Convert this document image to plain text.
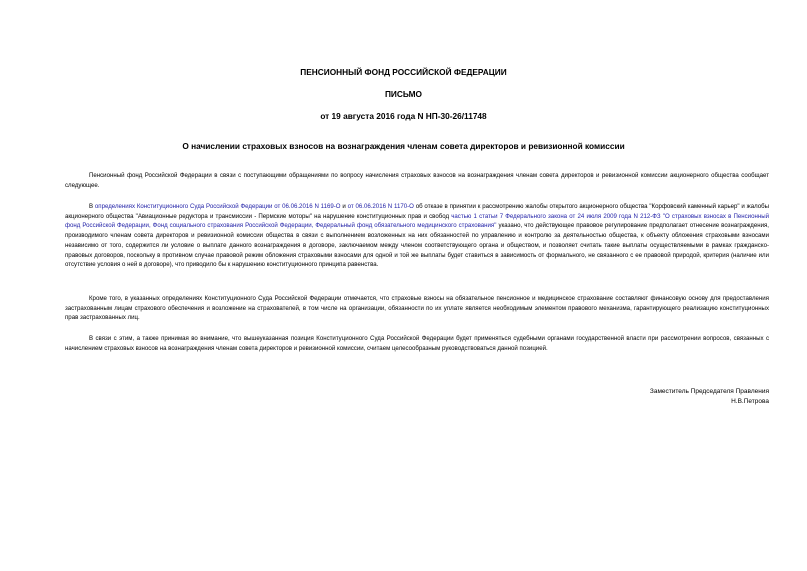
ПЕНСИОННЫЙ ФОНД РОССИЙСКОЙ ФЕДЕРАЦИИ
ПИСЬМО
от 19 августа 2016 года N НП-30-26/11748
О начислении страховых взносов на вознаграждения членам совета директоров и ревизионной комиссии
Пенсионный фонд Российской Федерации в связи с поступающими обращениями по вопросу начисления страховых взносов на вознаграждения членам совета директоров и ревизионной комиссии акционерного общества сообщает следующее.
В определениях Конституционного Суда Российской Федерации от 06.06.2016 N 1169-О и от 06.06.2016 N 1170-О об отказе в принятии к рассмотрению жалобы открытого акционерного общества "Корфовский каменный карьер" и жалобы акционерного общества "Авиационные редуктора и трансмиссии - Пермские моторы" на нарушение конституционных прав и свобод частью 1 статьи 7 Федерального закона от 24 июля 2009 года N 212-ФЗ "О страховых взносах в Пенсионный фонд Российской Федерации, Фонд социального страхования Российской Федерации, Федеральный фонд обязательного медицинского страхования" указано, что действующее правовое регулирование предполагает отнесение вознаграждения, производимого членам совета директоров и ревизионной комиссии общества в связи с выполнением возложенных на них обязанностей по управлению и контролю за деятельностью общества, к объекту обложения страховыми взносами независимо от того, содержится ли условие о выплате данного вознаграждения в договоре, заключаемом между членом соответствующего органа и обществом, и позволяет считать такие выплаты осуществляемыми в рамках гражданско-правовых договоров, поскольку в противном случае правовой режим обложения страховыми взносами для одной и той же выплаты будет ставиться в зависимость от формального, не связанного с ее правовой природой, критерия (наличие или отсутствие условия о ней в договоре), что приводило бы к нарушению конституционного принципа равенства.
Кроме того, в указанных определениях Конституционного Суда Российской Федерации отмечается, что страховые взносы на обязательное пенсионное и медицинское страхование составляют финансовую основу для предоставления застрахованным лицам страхового обеспечения и возложение на страхователей, в том числе на организации, обязанности по их уплате является необходимым элементом правового механизма, гарантирующего реализацию конституционных прав застрахованных лиц.
В связи с этим, а также принимая во внимание, что вышеуказанная позиция Конституционного Суда Российской Федерации будет применяться судебными органами государственной власти при рассмотрении вопросов, связанных с начислением страховых взносов на вознаграждения членам совета директоров и ревизионной комиссии, считаем целесообразным руководствоваться данной позицией.
Заместитель Председателя Правления
Н.В.Петрова
